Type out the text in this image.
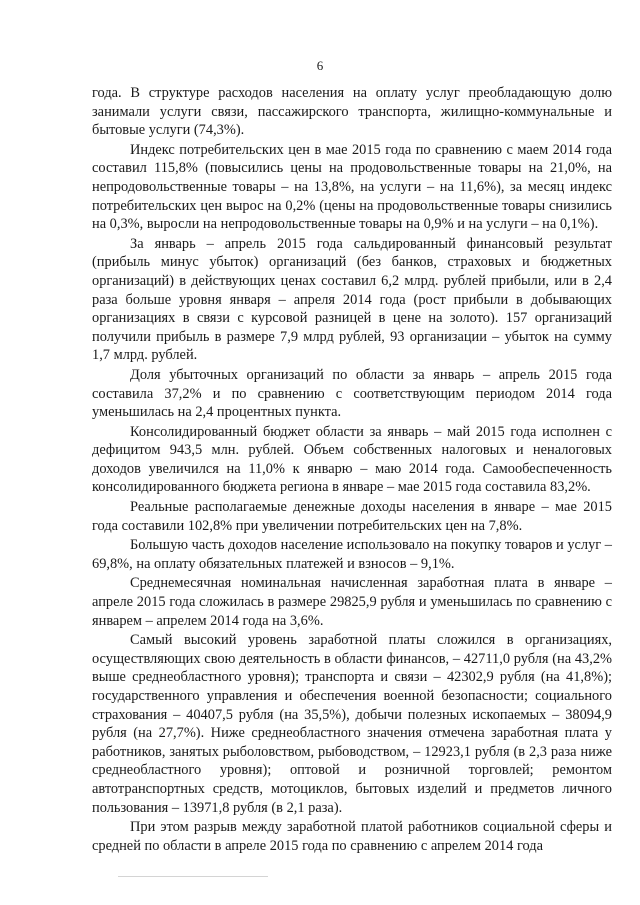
6

года. В структуре расходов населения на оплату услуг преобладающую долю занимали услуги связи, пассажирского транспорта, жилищно-коммунальные и бытовые услуги (74,3%).

Индекс потребительских цен в мае 2015 года по сравнению с маем 2014 года составил 115,8% (повысились цены на продовольственные товары на 21,0%, на непродовольственные товары – на 13,8%, на услуги – на 11,6%), за месяц индекс потребительских цен вырос на 0,2% (цены на продовольственные товары снизились на 0,3%, выросли на непродовольственные товары на 0,9% и на услуги – на 0,1%).

За январь – апрель 2015 года сальдированный финансовый результат (прибыль минус убыток) организаций (без банков, страховых и бюджетных организаций) в действующих ценах составил 6,2 млрд. рублей прибыли, или в 2,4 раза больше уровня января – апреля 2014 года (рост прибыли в добывающих организациях в связи с курсовой разницей в цене на золото). 157 организаций получили прибыль в размере 7,9 млрд рублей, 93 организации – убыток на сумму 1,7 млрд. рублей.

Доля убыточных организаций по области за январь – апрель 2015 года составила 37,2% и по сравнению с соответствующим периодом 2014 года уменьшилась на 2,4 процентных пункта.

Консолидированный бюджет области за январь – май 2015 года исполнен с дефицитом 943,5 млн. рублей. Объем собственных налоговых и неналоговых доходов увеличился на 11,0% к январю – маю 2014 года. Самообеспеченность консолидированного бюджета региона в январе – мае 2015 года составила 83,2%.

Реальные располагаемые денежные доходы населения в январе – мае 2015 года составили 102,8% при увеличении потребительских цен на 7,8%.

Большую часть доходов население использовало на покупку товаров и услуг – 69,8%, на оплату обязательных платежей и взносов – 9,1%.

Среднемесячная номинальная начисленная заработная плата в январе – апреле 2015 года сложилась в размере 29825,9 рубля и уменьшилась по сравнению с январем – апрелем 2014 года на 3,6%.

Самый высокий уровень заработной платы сложился в организациях, осуществляющих свою деятельность в области финансов, – 42711,0 рубля (на 43,2% выше среднеобластного уровня); транспорта и связи – 42302,9 рубля (на 41,8%); государственного управления и обеспечения военной безопасности; социального страхования – 40407,5 рубля (на 35,5%), добычи полезных ископаемых – 38094,9 рубля (на 27,7%). Ниже среднеобластного значения отмечена заработная плата у работников, занятых рыболовством, рыбоводством, – 12923,1 рубля (в 2,3 раза ниже среднеобластного уровня); оптовой и розничной торговлей; ремонтом автотранспортных средств, мотоциклов, бытовых изделий и предметов личного пользования – 13971,8 рубля (в 2,1 раза).

При этом разрыв между заработной платой работников социальной сферы и средней по области в апреле 2015 года по сравнению с апрелем 2014 года
